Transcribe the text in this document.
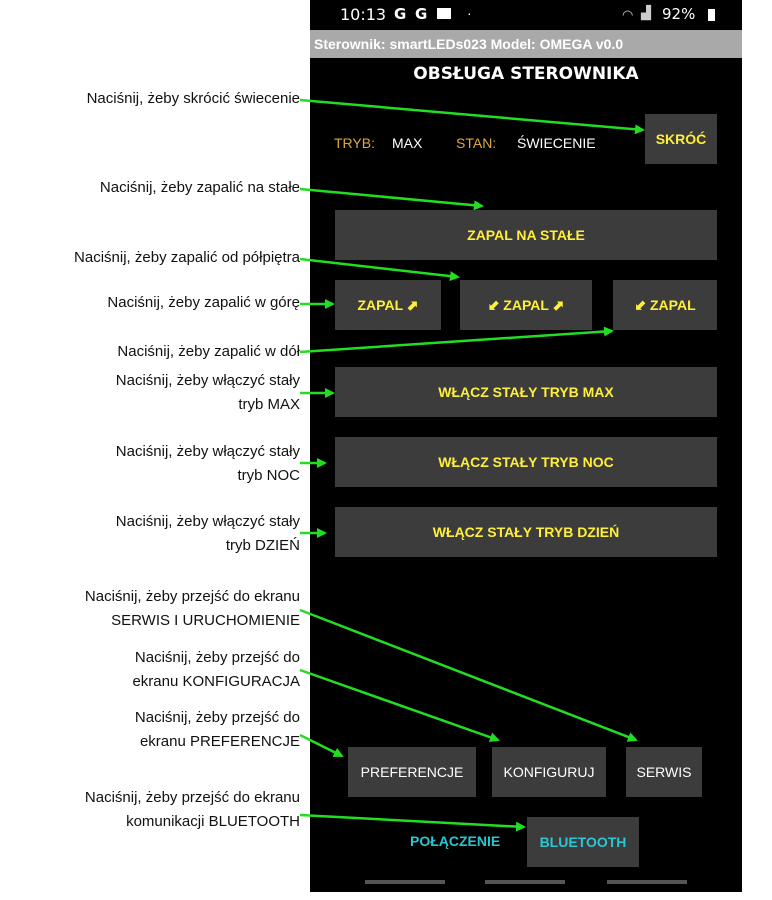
10:13 G G	·	◠ ▟ 92%
Sterownik: smartLEDs023 Model: OMEGA v0.0
OBSŁUGA STEROWNIKA
TRYB: MAX STAN: ŚWIECENIE	SKRÓĆ
ZAPAL NA STAŁE
ZAPAL ⬈	⬋ ZAPAL ⬈	⬋ ZAPAL
WŁĄCZ STAŁY TRYB MAX
WŁĄCZ STAŁY TRYB NOC
WŁĄCZ STAŁY TRYB DZIEŃ
PREFERENCJE	KONFIGURUJ	SERWIS
POŁĄCZENIE	BLUETOOTH
Naciśnij, żeby skrócić świecenie
Naciśnij, żeby zapalić na stałe
Naciśnij, żeby zapalić od półpiętra
Naciśnij, żeby zapalić w górę
Naciśnij, żeby zapalić w dół
Naciśnij, żeby włączyć stały
tryb MAX
Naciśnij, żeby włączyć stały
tryb NOC
Naciśnij, żeby włączyć stały
tryb DZIEŃ
Naciśnij, żeby przejść do ekranu
SERWIS I URUCHOMIENIE
Naciśnij, żeby przejść do
ekranu KONFIGURACJA
Naciśnij, żeby przejść do
ekranu PREFERENCJE
Naciśnij, żeby przejść do ekranu
komunikacji BLUETOOTH
